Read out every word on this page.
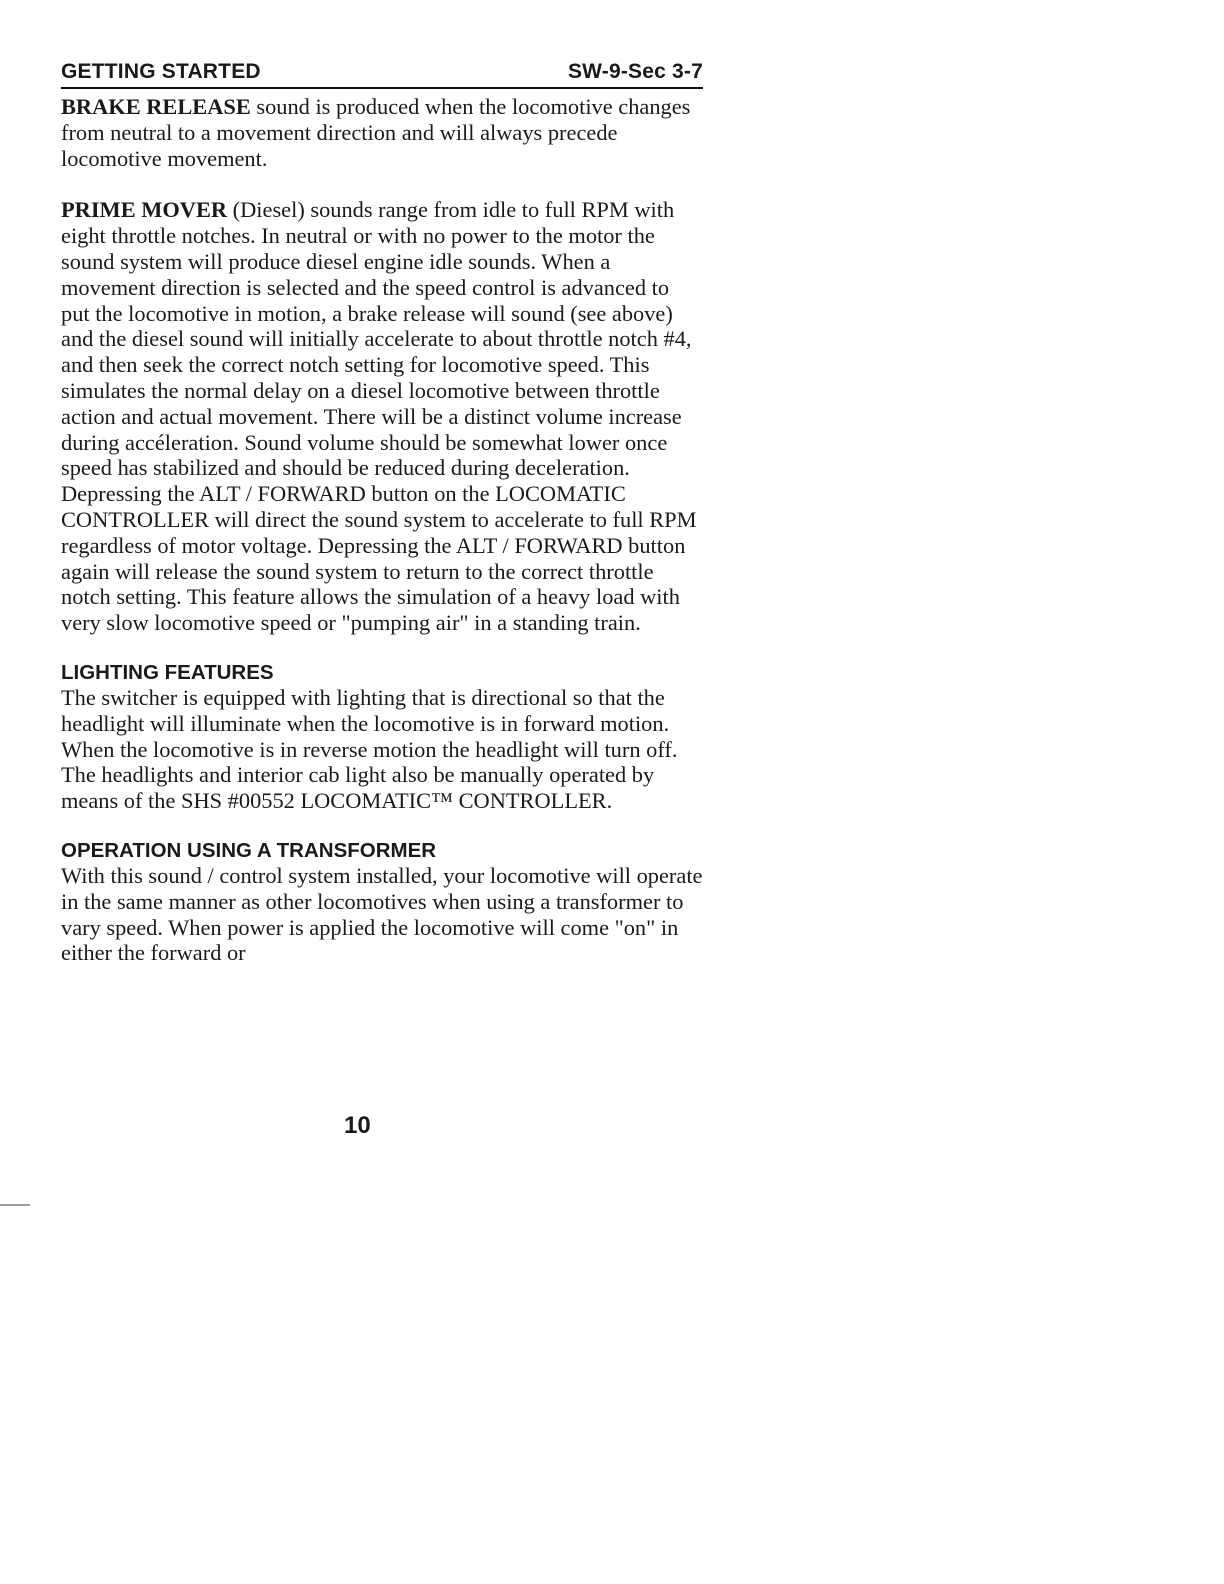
GETTING STARTED	SW-9-Sec 3-7

BRAKE RELEASE sound is produced when the locomotive changes from neutral to a movement direction and will always precede locomotive movement.

PRIME MOVER (Diesel) sounds range from idle to full RPM with eight throttle notches. In neutral or with no power to the motor the sound system will produce diesel engine idle sounds. When a movement direction is selected and the speed control is advanced to put the locomotive in motion, a brake release will sound (see above) and the diesel sound will initially accelerate to about throttle notch #4, and then seek the correct notch setting for locomotive speed. This simulates the normal delay on a diesel locomotive between throttle action and actual movement. There will be a distinct volume increase during accéleration. Sound volume should be somewhat lower once speed has stabilized and should be reduced during deceleration. Depressing the ALT / FORWARD button on the LOCOMATIC CONTROLLER will direct the sound system to accelerate to full RPM regardless of motor voltage. Depressing the ALT / FORWARD button again will release the sound system to return to the correct throttle notch setting. This feature allows the simulation of a heavy load with very slow locomotive speed or "pumping air" in a standing train.

LIGHTING FEATURES

The switcher is equipped with lighting that is directional so that the headlight will illuminate when the locomotive is in forward motion. When the locomotive is in reverse motion the headlight will turn off. The headlights and interior cab light also be manually operated by means of the SHS #00552 LOCOMATIC™ CONTROLLER.

OPERATION USING A TRANSFORMER

With this sound / control system installed, your locomotive will operate in the same manner as other locomotives when using a transformer to vary speed. When power is applied the locomotive will come "on" in either the forward or

10
